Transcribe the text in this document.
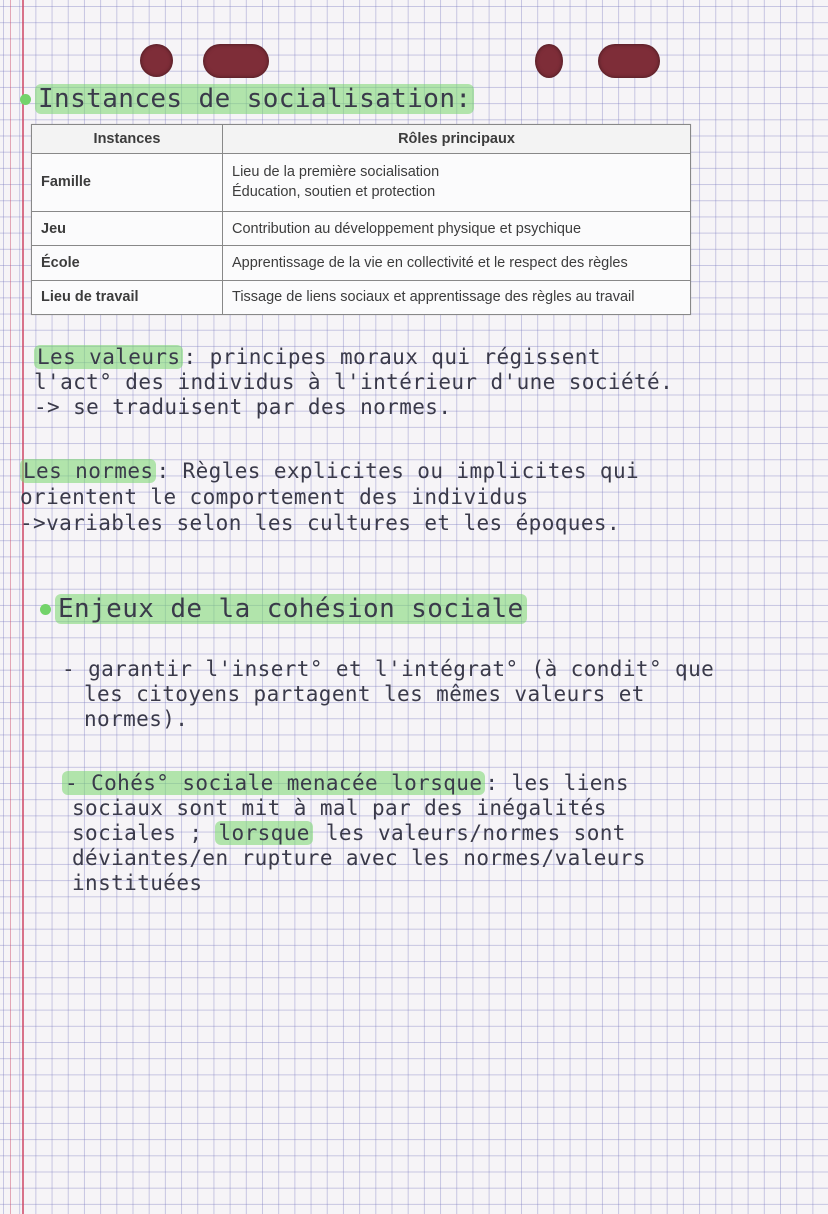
Instances de socialisation:
Instances	Rôles principaux
Famille	Lieu de la première socialisation
Éducation, soutien et protection

Jeu	Contribution au développement physique et psychique

École	Apprentissage de la vie en collectivité et le respect des règles

Lieu de travail	Tissage de liens sociaux et apprentissage des règles au travail
Les valeurs : principes moraux qui régissent
l'act° des individus à l'intérieur d'une société.
-> se traduisent par des normes.
Les normes : Règles explicites ou implicites qui
orientent le comportement des individus
->variables selon les cultures et les époques.
Enjeux de la cohésion sociale
- garantir l'insert° et l'intégrat° (à condit° que
les citoyens partagent les mêmes valeurs et
normes).
- Cohés° sociale menacée lorsque : les liens
sociaux sont mit à mal par des inégalités
sociales ; lorsque les valeurs/normes sont
déviantes/en rupture avec les normes/valeurs
instituées
